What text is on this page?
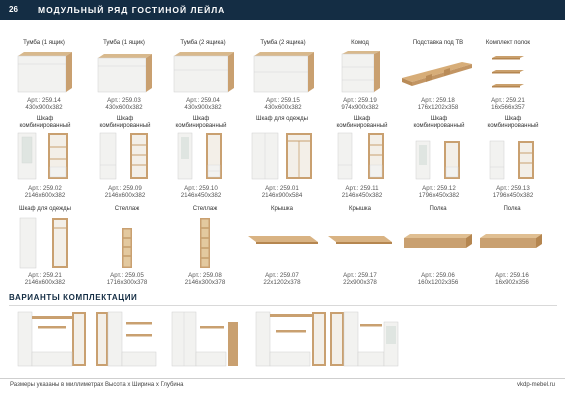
26 МОДУЛЬНЫЙ РЯД ГОСТИНОЙ ЛЕЙЛА
Тумба (1 ящик)
Арт.: 259.14
430х900х382
Тумба (1 ящик)
Арт.: 259.03
430х600х382
Тумба (2 ящика)
Арт.: 259.04
430х900х382
Тумба (2 ящика)
Арт.: 259.15
430х600х382
Комод
Арт.: 259.19
974х900х382
Подставка под ТВ
Арт.: 259.18
176х1202х358
Комплект полок
Арт.: 259.21
16х566х357
Шкаф
комбинированный
Арт.: 259.02
2146х600х382
Шкаф
комбинированный
Арт.: 259.09
2146х600х382
Шкаф
комбинированный
Арт.: 259.10
2146х450х382
Шкаф для одежды
Арт.: 259.01
2146х900х584
Шкаф
комбинированный
Арт.: 259.11
2146х450х382
Шкаф
комбинированный
Арт.: 259.12
1796х450х382
Шкаф
комбинированный
Арт.: 259.13
1796х450х382
Шкаф для одежды
Арт.: 259.21
2146х600х382
Стеллаж
Арт.: 259.05
1716х300х378
Стеллаж
Арт.: 259.08
2146х300х378
Крышка
Арт.: 259.07
22х1202х378
Крышка
Арт.: 259.17
22х900х378
Полка
Арт.: 259.06
160х1202х356
Полка
Арт.: 259.16
16х902х356
ВАРИАНТЫ КОМПЛЕКТАЦИИ
Размеры указаны в миллиметрах Высота х Ширина х Глубина	vkdp-mebel.ru
